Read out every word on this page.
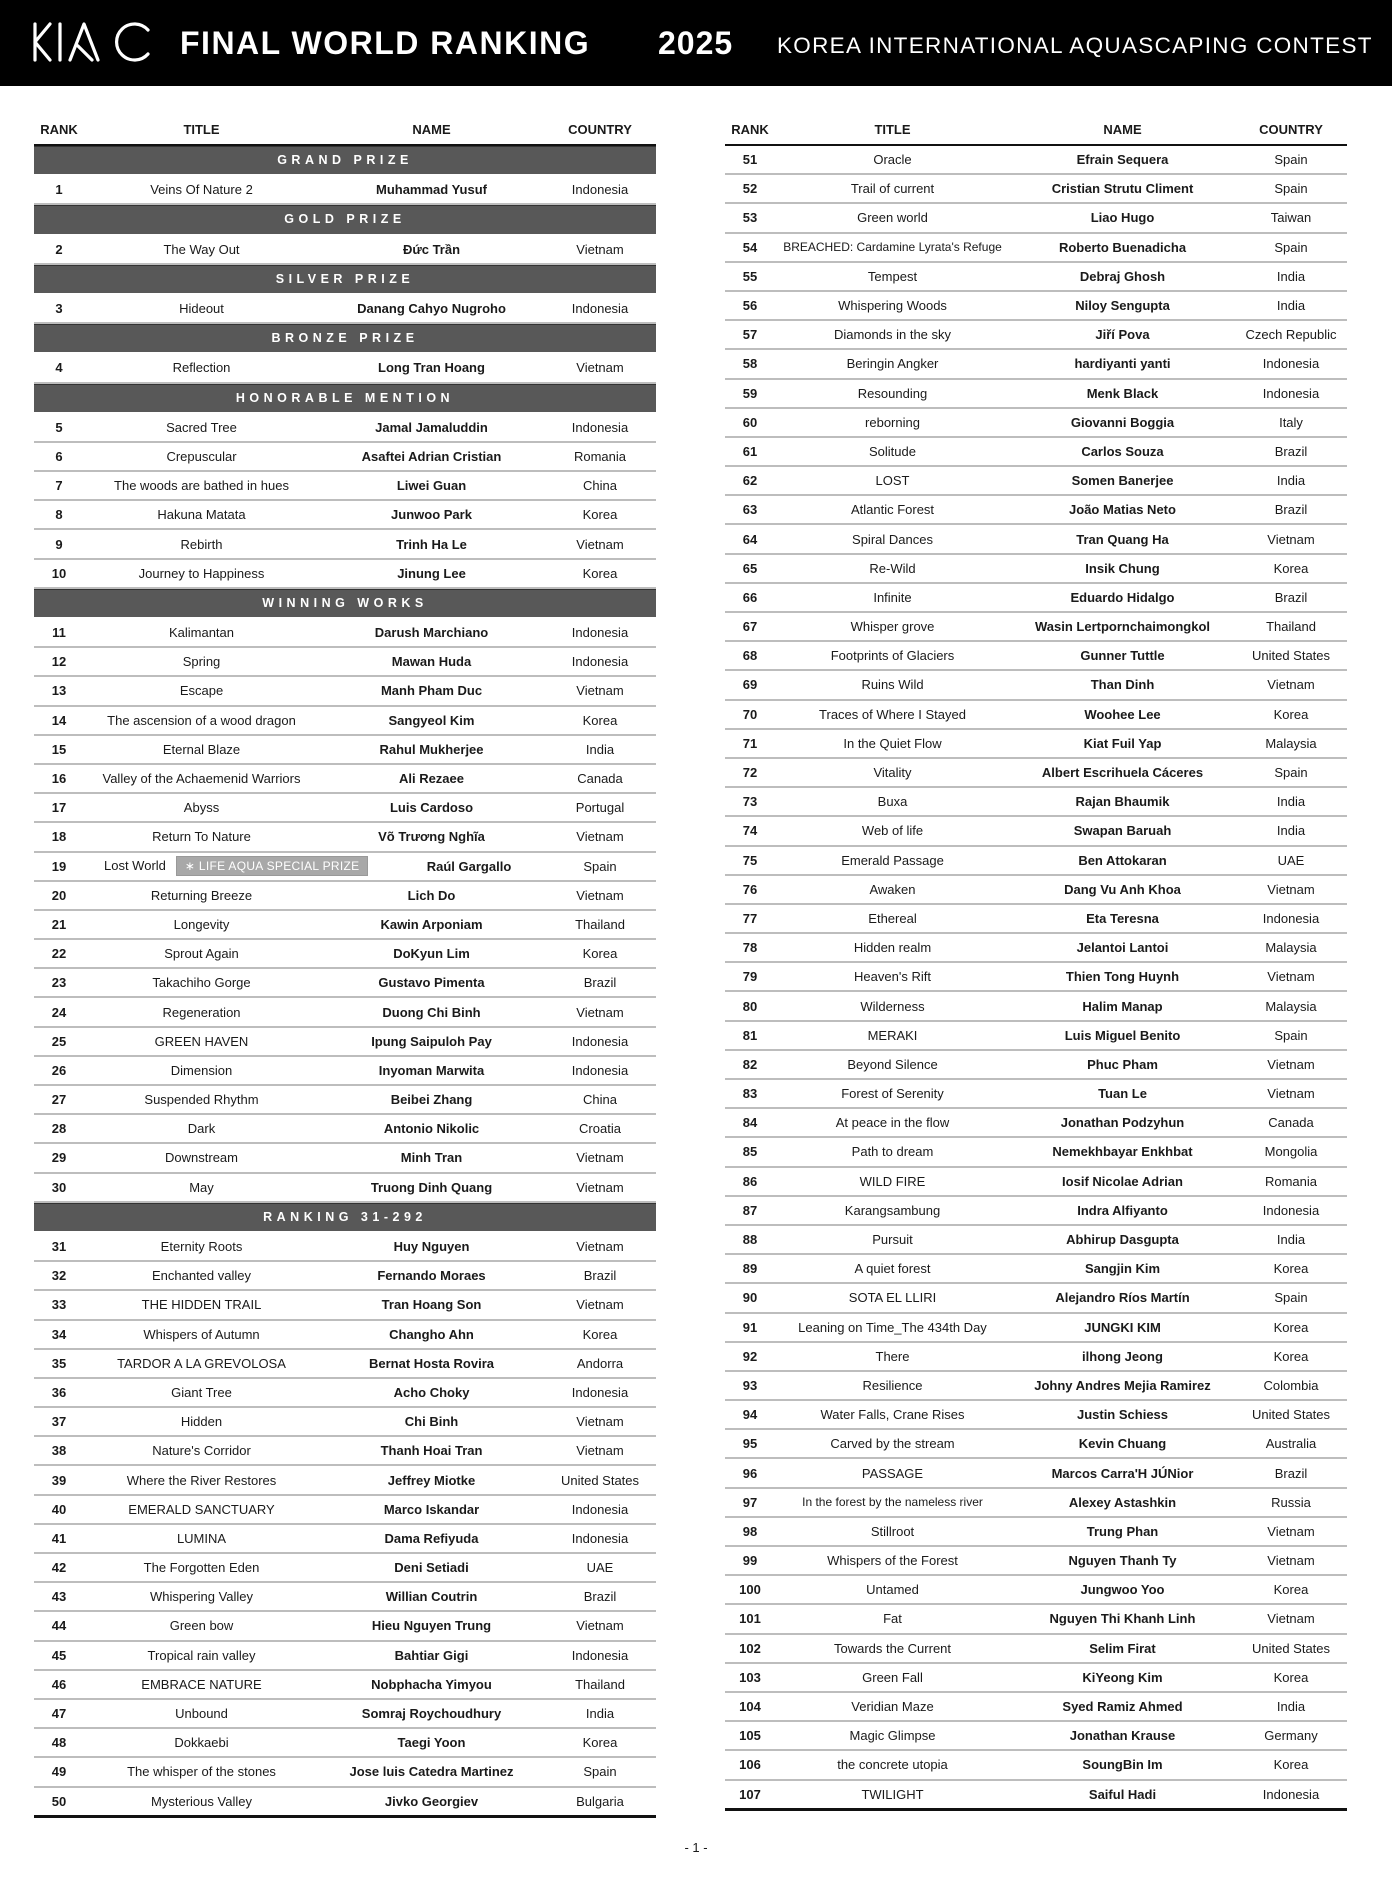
FINAL WORLD RANKING 2025 KOREA INTERNATIONAL AQUASCAPING CONTEST
RANK	TITLE	NAME	COUNTRY
GRAND PRIZE
1	Veins Of Nature 2	Muhammad Yusuf	Indonesia
GOLD PRIZE
2	The Way Out	Đức Trần	Vietnam
SILVER PRIZE
3	Hideout	Danang Cahyo Nugroho	Indonesia
BRONZE PRIZE
4	Reflection	Long Tran Hoang	Vietnam
HONORABLE MENTION
5	Sacred Tree	Jamal Jamaluddin	Indonesia
6	Crepuscular	Asaftei Adrian Cristian	Romania
7	The woods are bathed in hues	Liwei Guan	China
8	Hakuna Matata	Junwoo Park	Korea
9	Rebirth	Trinh Ha Le	Vietnam
10	Journey to Happiness	Jinung Lee	Korea
WINNING WORKS
11	Kalimantan	Darush Marchiano	Indonesia
12	Spring	Mawan Huda	Indonesia
13	Escape	Manh Pham Duc	Vietnam
14	The ascension of a wood dragon	Sangyeol Kim	Korea
15	Eternal Blaze	Rahul Mukherjee	India
16	Valley of the Achaemenid Warriors	Ali Rezaee	Canada
17	Abyss	Luis Cardoso	Portugal
18	Return To Nature	Võ Trương Nghĩa	Vietnam
19	Lost World ∗ LIFE AQUA SPECIAL PRIZE	Raúl Gargallo	Spain
20	Returning Breeze	Lich Do	Vietnam
21	Longevity	Kawin Arponiam	Thailand
22	Sprout Again	DoKyun Lim	Korea
23	Takachiho Gorge	Gustavo Pimenta	Brazil
24	Regeneration	Duong Chi Binh	Vietnam
25	GREEN HAVEN	Ipung Saipuloh Pay	Indonesia
26	Dimension	Inyoman Marwita	Indonesia
27	Suspended Rhythm	Beibei Zhang	China
28	Dark	Antonio Nikolic	Croatia
29	Downstream	Minh Tran	Vietnam
30	May	Truong Dinh Quang	Vietnam
RANKING 31-292
31	Eternity Roots	Huy Nguyen	Vietnam
32	Enchanted valley	Fernando Moraes	Brazil
33	THE HIDDEN TRAIL	Tran Hoang Son	Vietnam
34	Whispers of Autumn	Changho Ahn	Korea
35	TARDOR A LA GREVOLOSA	Bernat Hosta Rovira	Andorra
36	Giant Tree	Acho Choky	Indonesia
37	Hidden	Chi Binh	Vietnam
38	Nature's Corridor	Thanh Hoai Tran	Vietnam
39	Where the River Restores	Jeffrey Miotke	United States
40	EMERALD SANCTUARY	Marco Iskandar	Indonesia
41	LUMINA	Dama Refiyuda	Indonesia
42	The Forgotten Eden	Deni Setiadi	UAE
43	Whispering Valley	Willian Coutrin	Brazil
44	Green bow	Hieu Nguyen Trung	Vietnam
45	Tropical rain valley	Bahtiar Gigi	Indonesia
46	EMBRACE NATURE	Nobphacha Yimyou	Thailand
47	Unbound	Somraj Roychoudhury	India
48	Dokkaebi	Taegi Yoon	Korea
49	The whisper of the stones	Jose luis Catedra Martinez	Spain
50	Mysterious Valley	Jivko Georgiev	Bulgaria
RANK	TITLE	NAME	COUNTRY
51	Oracle	Efrain Sequera	Spain
52	Trail of current	Cristian Strutu Climent	Spain
53	Green world	Liao Hugo	Taiwan
54	BREACHED: Cardamine Lyrata's Refuge	Roberto Buenadicha	Spain
55	Tempest	Debraj Ghosh	India
56	Whispering Woods	Niloy Sengupta	India
57	Diamonds in the sky	Jiří Pova	Czech Republic
58	Beringin Angker	hardiyanti yanti	Indonesia
59	Resounding	Menk Black	Indonesia
60	reborning	Giovanni Boggia	Italy
61	Solitude	Carlos Souza	Brazil
62	LOST	Somen Banerjee	India
63	Atlantic Forest	João Matias Neto	Brazil
64	Spiral Dances	Tran Quang Ha	Vietnam
65	Re-Wild	Insik Chung	Korea
66	Infinite	Eduardo Hidalgo	Brazil
67	Whisper grove	Wasin Lertpornchaimongkol	Thailand
68	Footprints of Glaciers	Gunner Tuttle	United States
69	Ruins Wild	Than Dinh	Vietnam
70	Traces of Where I Stayed	Woohee Lee	Korea
71	In the Quiet Flow	Kiat Fuil Yap	Malaysia
72	Vitality	Albert Escrihuela Cáceres	Spain
73	Buxa	Rajan Bhaumik	India
74	Web of life	Swapan Baruah	India
75	Emerald Passage	Ben Attokaran	UAE
76	Awaken	Dang Vu Anh Khoa	Vietnam
77	Ethereal	Eta Teresna	Indonesia
78	Hidden realm	Jelantoi Lantoi	Malaysia
79	Heaven's Rift	Thien Tong Huynh	Vietnam
80	Wilderness	Halim Manap	Malaysia
81	MERAKI	Luis Miguel Benito	Spain
82	Beyond Silence	Phuc Pham	Vietnam
83	Forest of Serenity	Tuan Le	Vietnam
84	At peace in the flow	Jonathan Podzyhun	Canada
85	Path to dream	Nemekhbayar Enkhbat	Mongolia
86	WILD FIRE	Iosif Nicolae Adrian	Romania
87	Karangsambung	Indra Alfiyanto	Indonesia
88	Pursuit	Abhirup Dasgupta	India
89	A quiet forest	Sangjin Kim	Korea
90	SOTA EL LLIRI	Alejandro Ríos Martín	Spain
91	Leaning on Time_The 434th Day	JUNGKI KIM	Korea
92	There	ilhong Jeong	Korea
93	Resilience	Johny Andres Mejia Ramirez	Colombia
94	Water Falls, Crane Rises	Justin Schiess	United States
95	Carved by the stream	Kevin Chuang	Australia
96	PASSAGE	Marcos Carra'H JÚNior	Brazil
97	In the forest by the nameless river	Alexey Astashkin	Russia
98	Stillroot	Trung Phan	Vietnam
99	Whispers of the Forest	Nguyen Thanh Ty	Vietnam
100	Untamed	Jungwoo Yoo	Korea
101	Fat	Nguyen Thi Khanh Linh	Vietnam
102	Towards the Current	Selim Firat	United States
103	Green Fall	KiYeong Kim	Korea
104	Veridian Maze	Syed Ramiz Ahmed	India
105	Magic Glimpse	Jonathan Krause	Germany
106	the concrete utopia	SoungBin Im	Korea
107	TWILIGHT	Saiful Hadi	Indonesia
- 1 -
